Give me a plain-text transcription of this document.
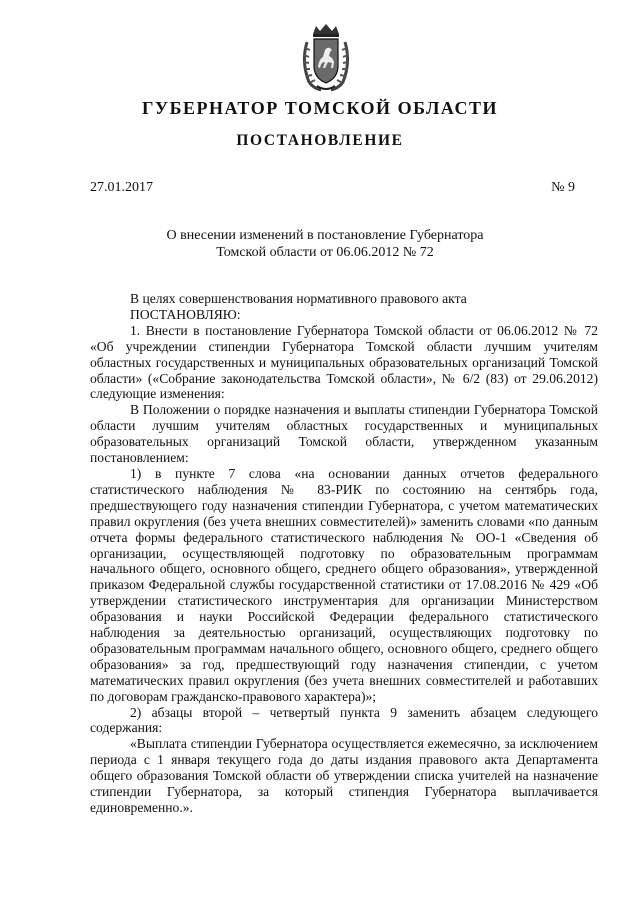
ГУБЕРНАТОР ТОМСКОЙ ОБЛАСТИ
ПОСТАНОВЛЕНИЕ
27.01.2017	№ 9
О внесении изменений в постановление Губернатора
Томской области от 06.06.2012 № 72

В целях совершенствования нормативного правового акта

ПОСТАНОВЛЯЮ:

1. Внести в постановление Губернатора Томской области от 06.06.2012 № 72 «Об учреждении стипендии Губернатора Томской области лучшим учителям областных государственных и муниципальных образовательных организаций Томской области» («Собрание законодательства Томской области», № 6/2 (83) от 29.06.2012) следующие изменения:

В Положении о порядке назначения и выплаты стипендии Губернатора Томской области лучшим учителям областных государственных и муниципальных образовательных организаций Томской области, утвержденном указанным постановлением:

1) в пункте 7 слова «на основании данных отчетов федерального статистического наблюдения № 83-РИК по состоянию на сентябрь года, предшествующего году назначения стипендии Губернатора, с учетом математических правил округления (без учета внешних совместителей)» заменить словами «по данным отчета формы федерального статистического наблюдения № ОО-1 «Сведения об организации, осуществляющей подготовку по образовательным программам начального общего, основного общего, среднего общего образования», утвержденной приказом Федеральной службы государственной статистики от 17.08.2016 № 429 «Об утверждении статистического инструментария для организации Министерством образования и науки Российской Федерации федерального статистического наблюдения за деятельностью организаций, осуществляющих подготовку по образовательным программам начального общего, основного общего, среднего общего образования» за год, предшествующий году назначения стипендии, с учетом математических правил округления (без учета внешних совместителей и работавших по договорам гражданско-правового характера)»;

2) абзацы второй – четвертый пункта 9 заменить абзацем следующего содержания:

«Выплата стипендии Губернатора осуществляется ежемесячно, за исключением периода с 1 января текущего года до даты издания правового акта Департамента общего образования Томской области об утверждении списка учителей на назначение стипендии Губернатора, за который стипендия Губернатора выплачивается единовременно.».
